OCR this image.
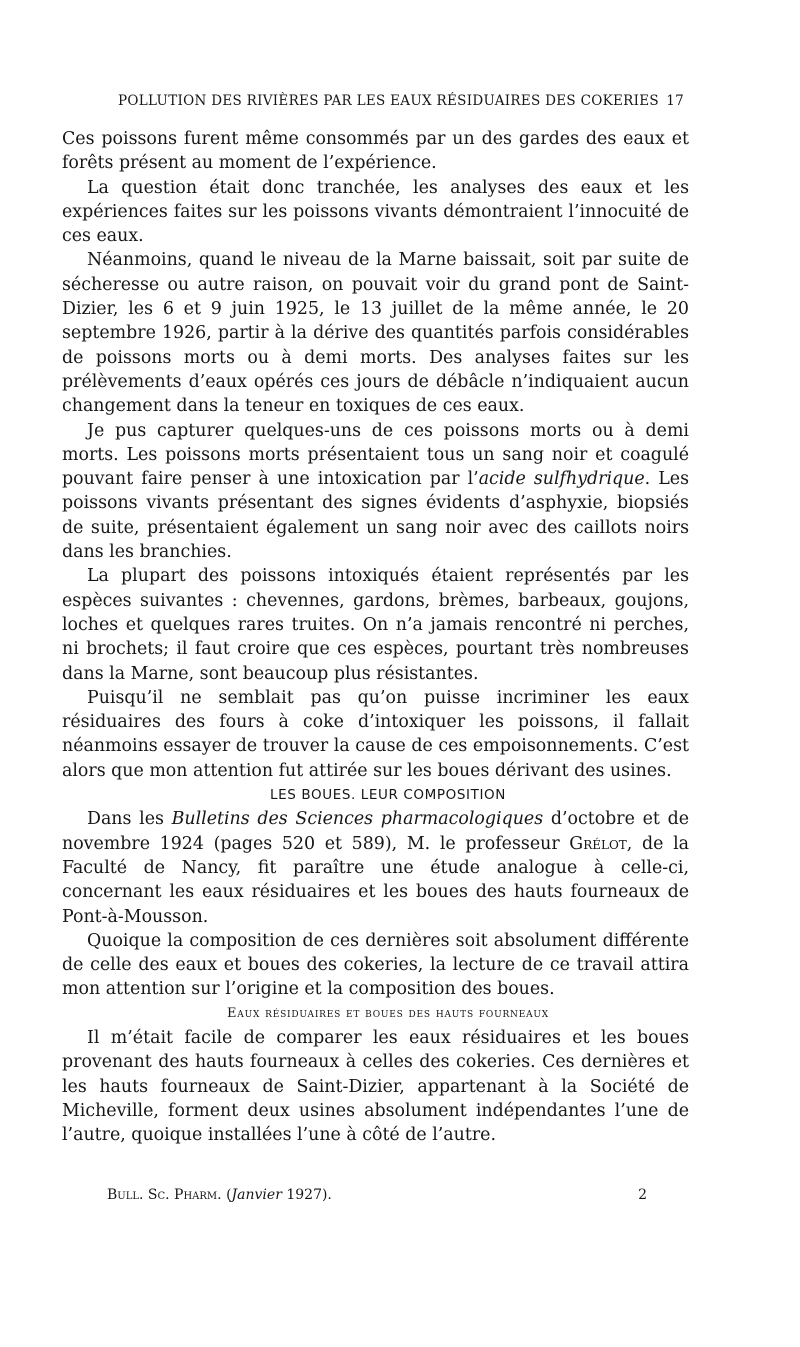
POLLUTION DES RIVIÈRES PAR LES EAUX RÉSIDUAIRES DES COKERIES 17

Ces poissons furent même consommés par un des gardes des eaux et forêts présent au moment de l’expérience.

La question était donc tranchée, les analyses des eaux et les expériences faites sur les poissons vivants démontraient l’innocuité de ces eaux.

Néanmoins, quand le niveau de la Marne baissait, soit par suite de sécheresse ou autre raison, on pouvait voir du grand pont de Saint-Dizier, les 6 et 9 juin 1925, le 13 juillet de la même année, le 20 septembre 1926, partir à la dérive des quantités parfois considérables de poissons morts ou à demi morts. Des analyses faites sur les prélèvements d’eaux opérés ces jours de débâcle n’indiquaient aucun changement dans la teneur en toxiques de ces eaux.

Je pus capturer quelques-uns de ces poissons morts ou à demi morts. Les poissons morts présentaient tous un sang noir et coagulé pouvant faire penser à une intoxication par l’acide sulfhydrique. Les poissons vivants présentant des signes évidents d’asphyxie, biopsiés de suite, présentaient également un sang noir avec des caillots noirs dans les branchies.

La plupart des poissons intoxiqués étaient représentés par les espèces suivantes : chevennes, gardons, brèmes, barbeaux, goujons, loches et quelques rares truites. On n’a jamais rencontré ni perches, ni brochets; il faut croire que ces espèces, pourtant très nombreuses dans la Marne, sont beaucoup plus résistantes.

Puisqu’il ne semblait pas qu’on puisse incriminer les eaux résiduaires des fours à coke d’intoxiquer les poissons, il fallait néanmoins essayer de trouver la cause de ces empoisonnements. C’est alors que mon attention fut attirée sur les boues dérivant des usines.

LES BOUES. LEUR COMPOSITION

Dans les Bulletins des Sciences pharmacologiques d’octobre et de novembre 1924 (pages 520 et 589), M. le professeur Grélot, de la Faculté de Nancy, fit paraître une étude analogue à celle-ci, concernant les eaux résiduaires et les boues des hauts fourneaux de Pont-à-Mousson.

Quoique la composition de ces dernières soit absolument différente de celle des eaux et boues des cokeries, la lecture de ce travail attira mon attention sur l’origine et la composition des boues.

Eaux résiduaires et boues des hauts fourneaux

Il m’était facile de comparer les eaux résiduaires et les boues provenant des hauts fourneaux à celles des cokeries. Ces dernières et les hauts fourneaux de Saint-Dizier, appartenant à la Société de Micheville, forment deux usines absolument indépendantes l’une de l’autre, quoique installées l’une à côté de l’autre.

Bull. Sc. Pharm. (Janvier 1927).	2
